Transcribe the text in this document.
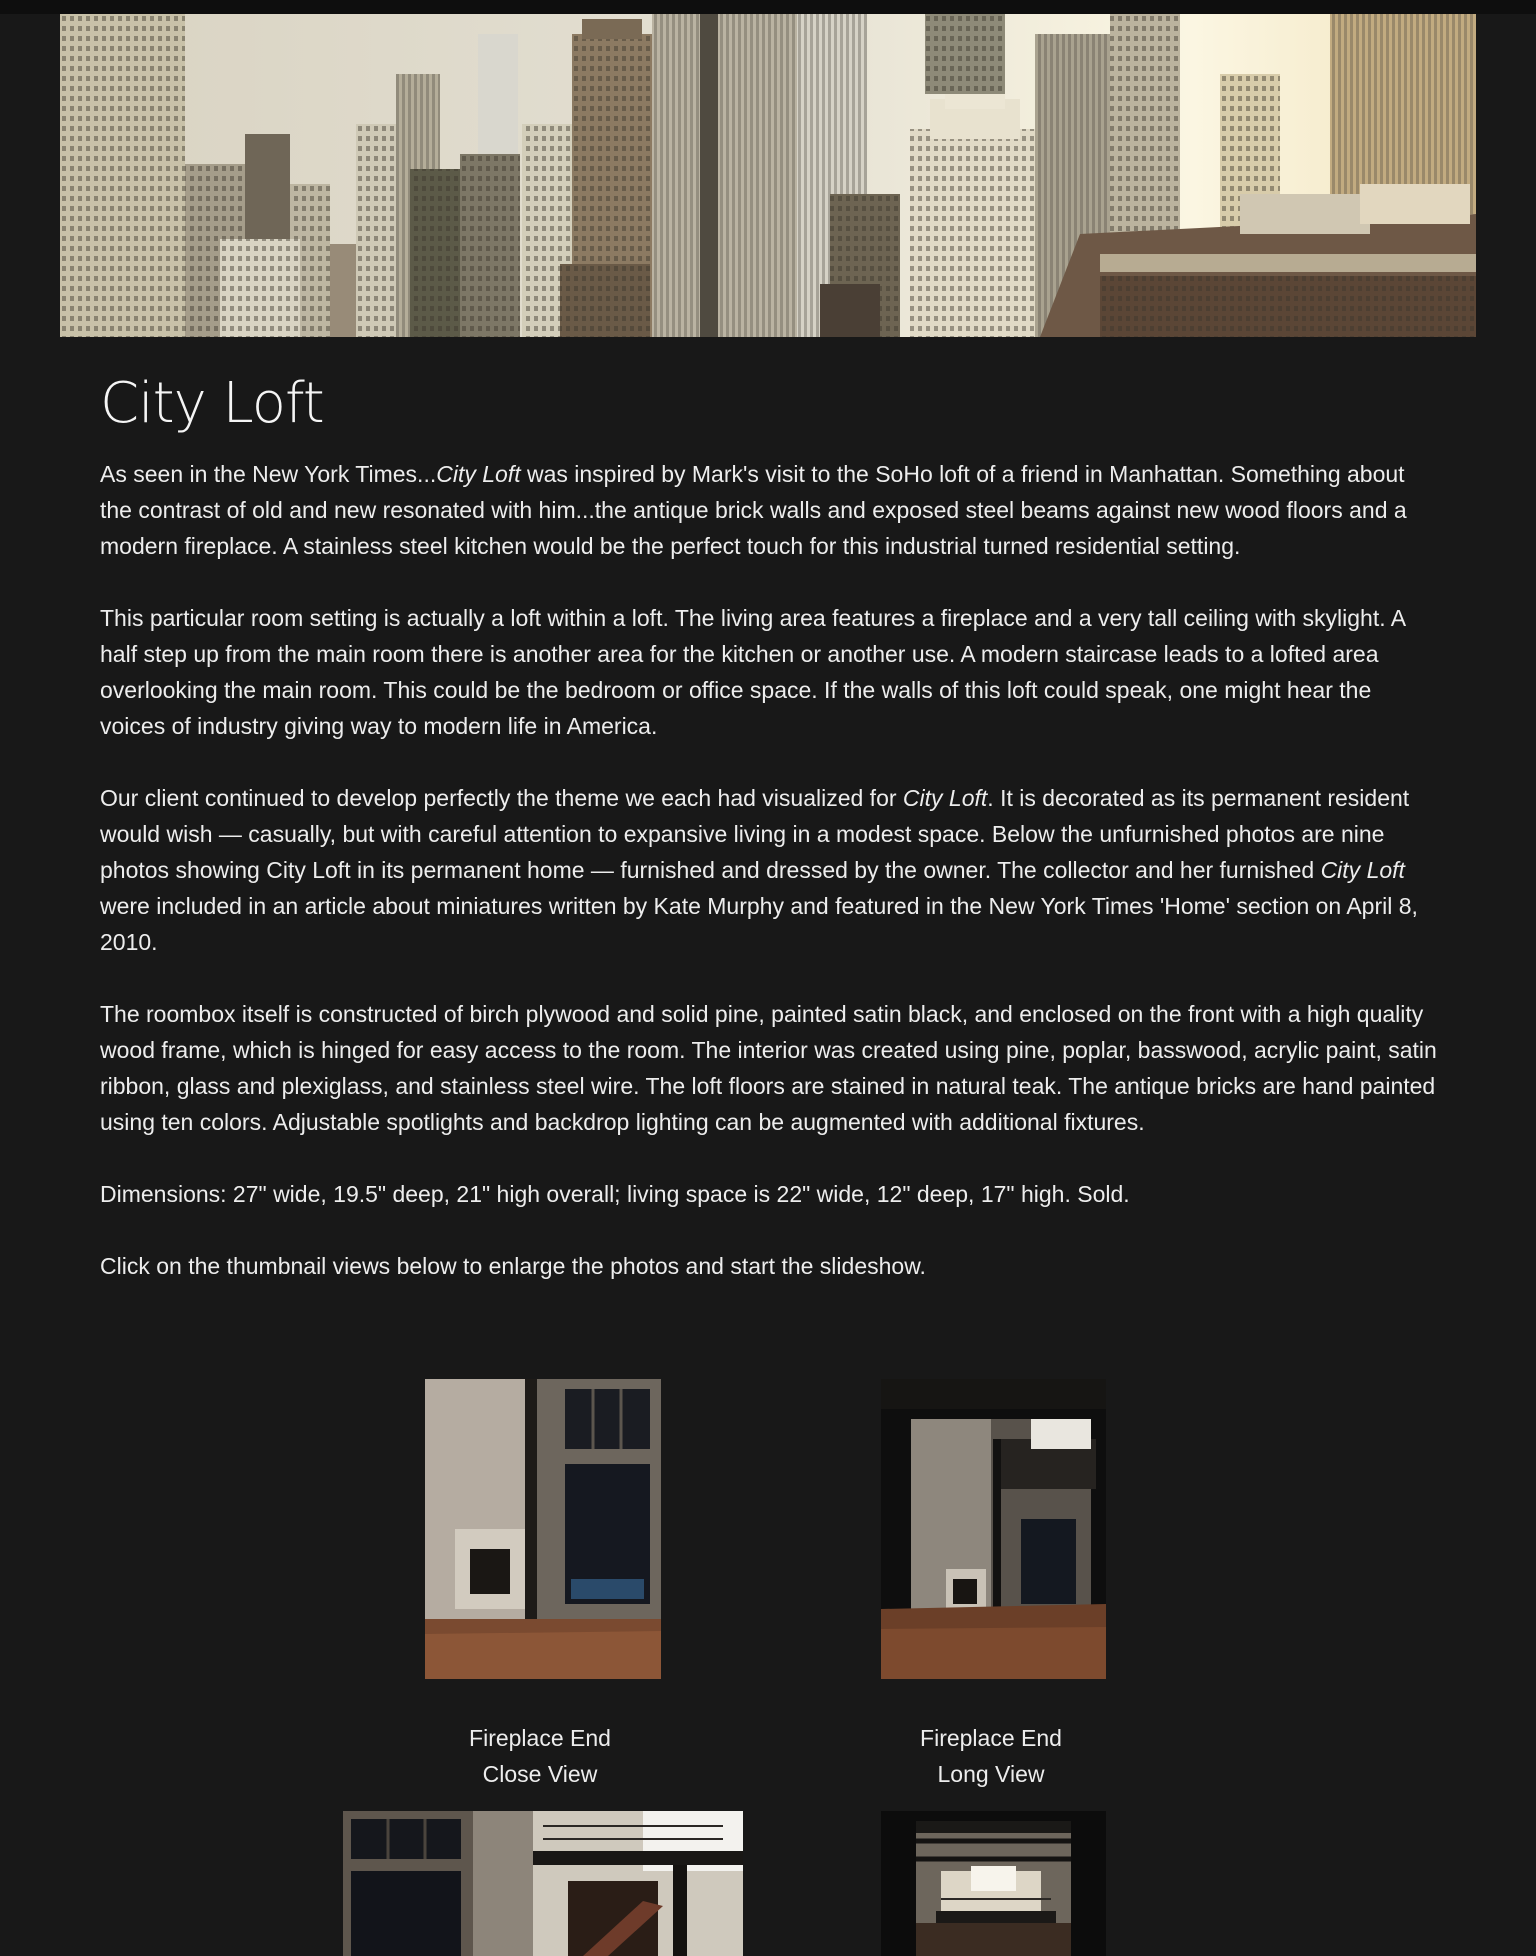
City Loft

As seen in the New York Times...City Loft was inspired by Mark's visit to the SoHo loft of a friend in Manhattan. Something about the contrast of old and new resonated with him...the antique brick walls and exposed steel beams against new wood floors and a modern fireplace. A stainless steel kitchen would be the perfect touch for this industrial turned residential setting.

This particular room setting is actually a loft within a loft. The living area features a fireplace and a very tall ceiling with skylight. A half step up from the main room there is another area for the kitchen or another use. A modern staircase leads to a lofted area overlooking the main room. This could be the bedroom or office space. If the walls of this loft could speak, one might hear the voices of industry giving way to modern life in America.

Our client continued to develop perfectly the theme we each had visualized for City Loft. It is decorated as its permanent resident would wish — casually, but with careful attention to expansive living in a modest space. Below the unfurnished photos are nine photos showing City Loft in its permanent home — furnished and dressed by the owner. The collector and her furnished City Loft were included in an article about miniatures written by Kate Murphy and featured in the New York Times 'Home' section on April 8, 2010.

The roombox itself is constructed of birch plywood and solid pine, painted satin black, and enclosed on the front with a high quality wood frame, which is hinged for easy access to the room. The interior was created using pine, poplar, basswood, acrylic paint, satin ribbon, glass and plexiglass, and stainless steel wire. The loft floors are stained in natural teak. The antique bricks are hand painted using ten colors. Adjustable spotlights and backdrop lighting can be augmented with additional fixtures.

Dimensions: 27" wide, 19.5" deep, 21" high overall; living space is 22" wide, 12" deep, 17" high. Sold.

Click on the thumbnail views below to enlarge the photos and start the slideshow.

Fireplace End
Close View
Fireplace End
Long View
